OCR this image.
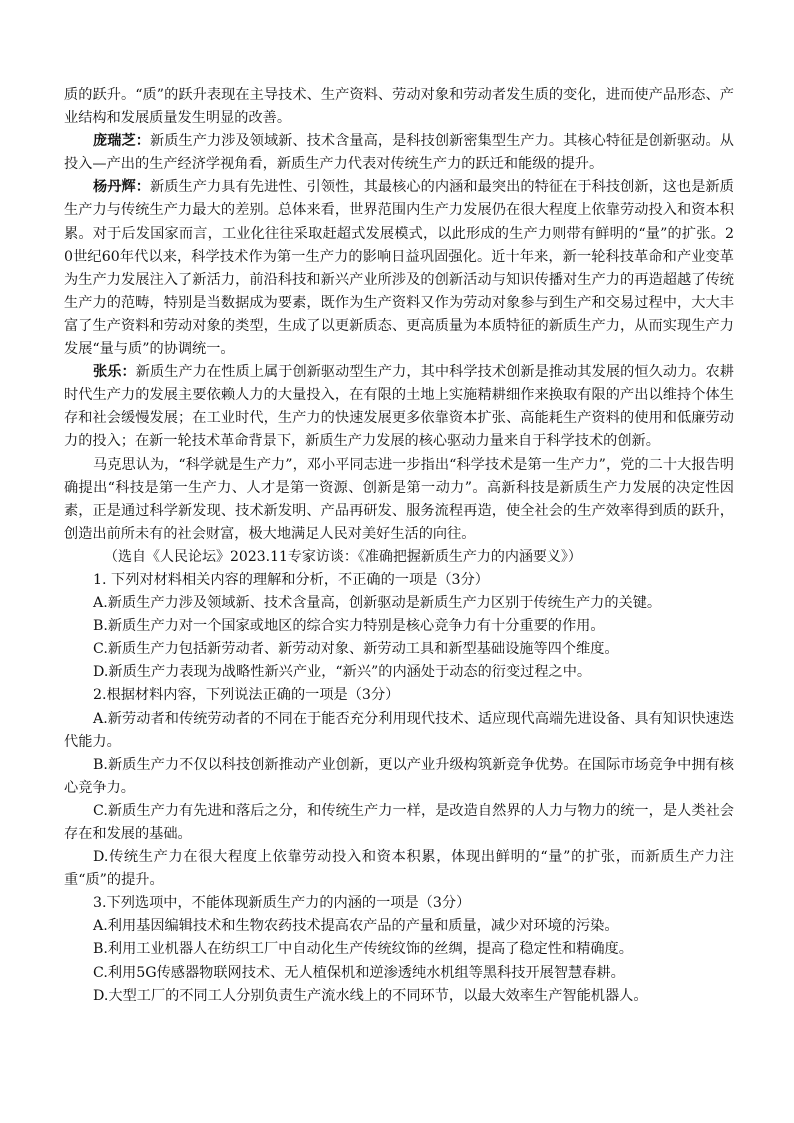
质的跃升。“质”的跃升表现在主导技术、生产资料、劳动对象和劳动者发生质的变化，进而使产品形态、产业结构和发展质量发生明显的改善。

庞瑞芝：新质生产力涉及领域新、技术含量高，是科技创新密集型生产力。其核心特征是创新驱动。从投入—产出的生产经济学视角看，新质生产力代表对传统生产力的跃迁和能级的提升。

杨丹辉：新质生产力具有先进性、引领性，其最核心的内涵和最突出的特征在于科技创新，这也是新质生产力与传统生产力最大的差别。总体来看，世界范围内生产力发展仍在很大程度上依靠劳动投入和资本积累。对于后发国家而言，工业化往往采取赶超式发展模式，以此形成的生产力则带有鲜明的“量”的扩张。20世纪60年代以来，科学技术作为第一生产力的影响日益巩固强化。近十年来，新一轮科技革命和产业变革为生产力发展注入了新活力，前沿科技和新兴产业所涉及的创新活动与知识传播对生产力的再造超越了传统生产力的范畴，特别是当数据成为要素，既作为生产资料又作为劳动对象参与到生产和交易过程中，大大丰富了生产资料和劳动对象的类型，生成了以更新质态、更高质量为本质特征的新质生产力，从而实现生产力发展“量与质”的协调统一。

张乐：新质生产力在性质上属于创新驱动型生产力，其中科学技术创新是推动其发展的恒久动力。农耕时代生产力的发展主要依赖人力的大量投入，在有限的土地上实施精耕细作来换取有限的产出以维持个体生存和社会缓慢发展；在工业时代，生产力的快速发展更多依靠资本扩张、高能耗生产资料的使用和低廉劳动力的投入；在新一轮技术革命背景下，新质生产力发展的核心驱动力量来自于科学技术的创新。

马克思认为，“科学就是生产力”，邓小平同志进一步指出“科学技术是第一生产力”，党的二十大报告明确提出“科技是第一生产力、人才是第一资源、创新是第一动力”。高新科技是新质生产力发展的决定性因素，正是通过科学新发现、技术新发明、产品再研发、服务流程再造，使全社会的生产效率得到质的跃升，创造出前所未有的社会财富，极大地满足人民对美好生活的向往。

（选自《人民论坛》2023.11专家访谈：《准确把握新质生产力的内涵要义》）

1. 下列对材料相关内容的理解和分析，不正确的一项是（3分）

A.新质生产力涉及领域新、技术含量高，创新驱动是新质生产力区别于传统生产力的关键。

B.新质生产力对一个国家或地区的综合实力特别是核心竞争力有十分重要的作用。

C.新质生产力包括新劳动者、新劳动对象、新劳动工具和新型基础设施等四个维度。

D.新质生产力表现为战略性新兴产业，“新兴”的内涵处于动态的衍变过程之中。

2.根据材料内容，下列说法正确的一项是（3分）

A.新劳动者和传统劳动者的不同在于能否充分利用现代技术、适应现代高端先进设备、具有知识快速迭代能力。

B.新质生产力不仅以科技创新推动产业创新，更以产业升级构筑新竞争优势。在国际市场竞争中拥有核心竞争力。

C.新质生产力有先进和落后之分，和传统生产力一样，是改造自然界的人力与物力的统一，是人类社会存在和发展的基础。

D.传统生产力在很大程度上依靠劳动投入和资本积累，体现出鲜明的“量”的扩张，而新质生产力注重“质”的提升。

3.下列选项中，不能体现新质生产力的内涵的一项是（3分）

A.利用基因编辑技术和生物农药技术提高农产品的产量和质量，减少对环境的污染。

B.利用工业机器人在纺织工厂中自动化生产传统纹饰的丝绸，提高了稳定性和精确度。

C.利用5G传感器物联网技术、无人植保机和逆渗透纯水机组等黑科技开展智慧春耕。

D.大型工厂的不同工人分别负责生产流水线上的不同环节，以最大效率生产智能机器人。
